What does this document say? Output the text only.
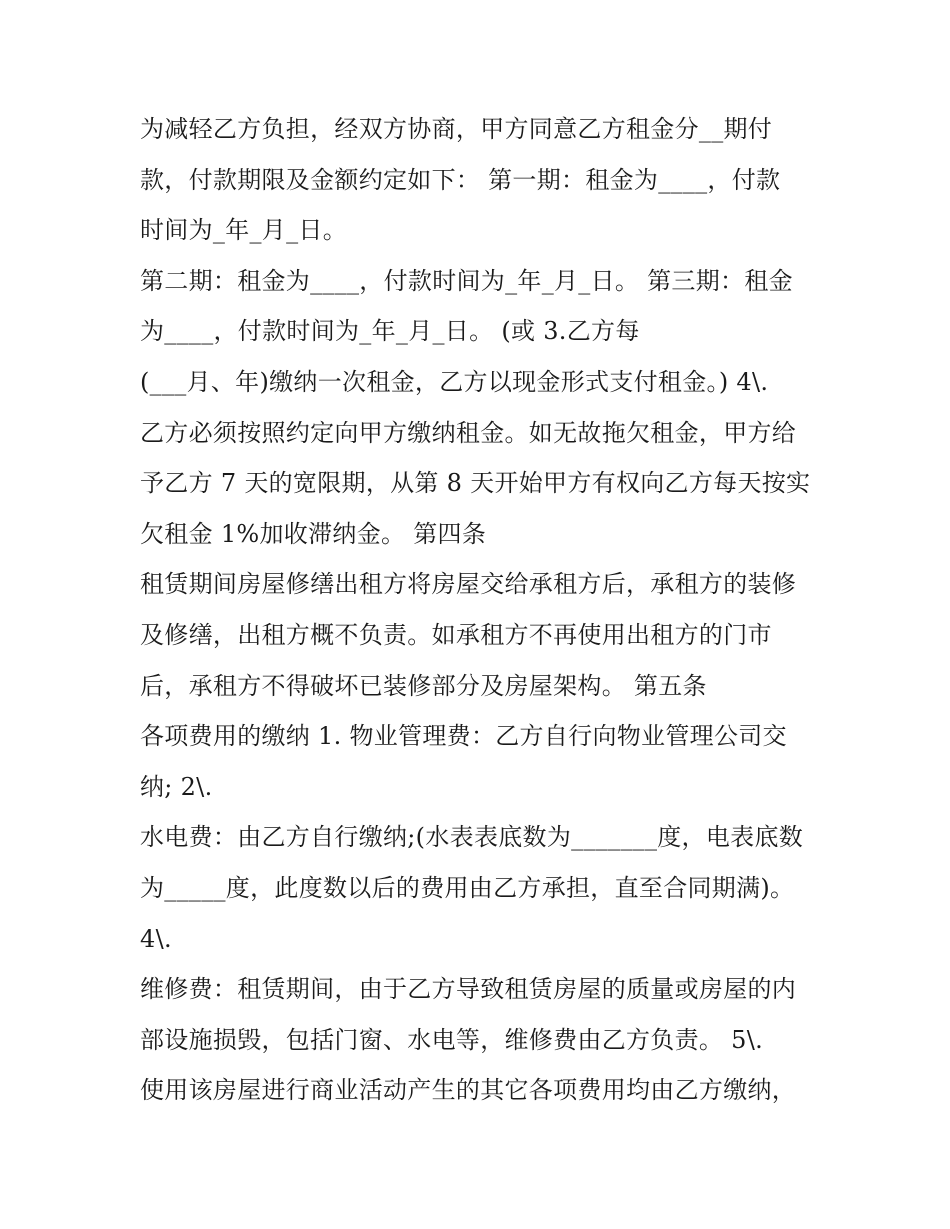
为减轻乙方负担，经双方协商，甲方同意乙方租金分__期付
款，付款期限及金额约定如下： 第一期：租金为____，付款
时间为_年_月_日。
第二期：租金为____，付款时间为_年_月_日。 第三期：租金
为____，付款时间为_年_月_日。 (或 3.乙方每
(___月、年)缴纳一次租金，乙方以现金形式支付租金。) 4\.
乙方必须按照约定向甲方缴纳租金。如无故拖欠租金，甲方给
予乙方 7 天的宽限期，从第 8 天开始甲方有权向乙方每天按实
欠租金 1%加收滞纳金。 第四条
租赁期间房屋修缮出租方将房屋交给承租方后，承租方的装修
及修缮，出租方概不负责。如承租方不再使用出租方的门市
后，承租方不得破坏已装修部分及房屋架构。 第五条
各项费用的缴纳 1. 物业管理费：乙方自行向物业管理公司交
纳; 2\.
水电费：由乙方自行缴纳;(水表表底数为_______度，电表底数
为_____度，此度数以后的费用由乙方承担，直至合同期满)。
4\.
维修费：租赁期间，由于乙方导致租赁房屋的质量或房屋的内
部设施损毁，包括门窗、水电等，维修费由乙方负责。 5\.
使用该房屋进行商业活动产生的其它各项费用均由乙方缴纳，
